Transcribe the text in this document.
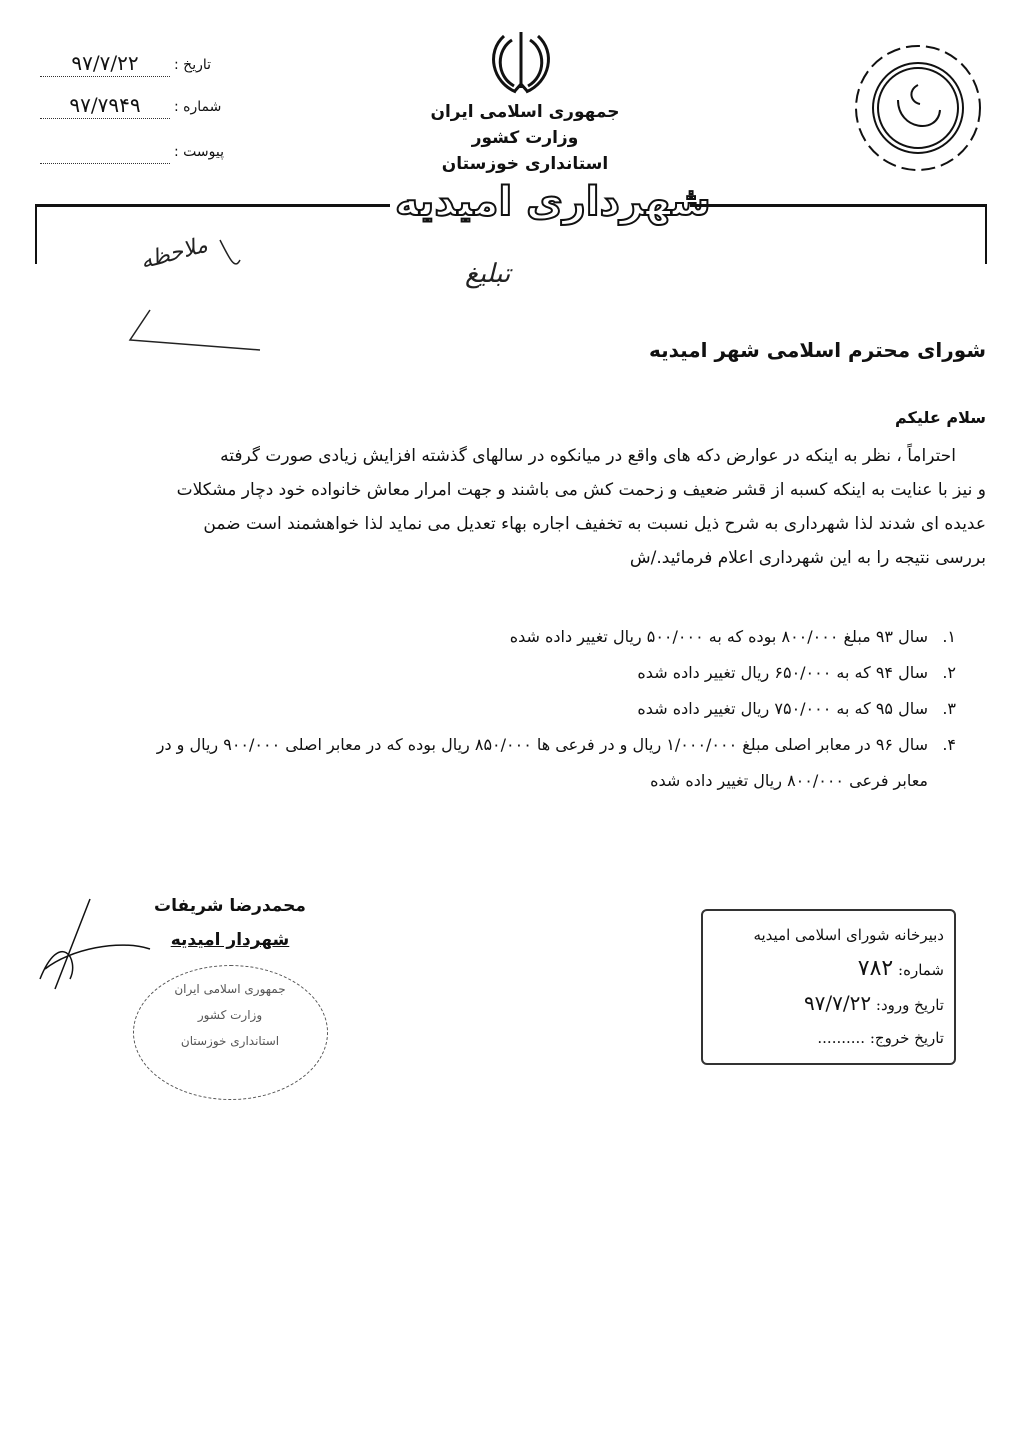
تاریخ :
۹۷/۷/۲۲
شماره :
۹۷/۷۹۴۹
پیوست :
جمهوری اسلامی ایران
وزارت کشور
استانداری خوزستان
شهرداری امیدیه
ملاحظه	تبلیغ
شورای محترم اسلامی شهر امیدیه
سلام علیکم
احتراماً ، نظر به اینکه در عوارض دکه های واقع در میانکوه در سالهای گذشته افزایش زیادی صورت گرفته
و نیز با عنایت به اینکه کسبه از قشر ضعیف و زحمت کش می باشند و جهت امرار معاش خانواده خود دچار مشکلات
عدیده ای شدند لذا شهرداری به شرح ذیل نسبت به تخفیف اجاره بهاء تعدیل می نماید لذا خواهشمند است ضمن
بررسی نتیجه را به این شهرداری اعلام فرمائید./ش
۱.سال ۹۳ مبلغ ۸۰۰/۰۰۰ بوده که به ۵۰۰/۰۰۰ ریال تغییر داده شده
۲.سال ۹۴ که به ۶۵۰/۰۰۰ ریال تغییر داده شده
۳.سال ۹۵ که به ۷۵۰/۰۰۰ ریال تغییر داده شده
۴.سال ۹۶ در معابر اصلی مبلغ ۱/۰۰۰/۰۰۰ ریال و در فرعی ها ۸۵۰/۰۰۰ ریال بوده که در معابر اصلی ۹۰۰/۰۰۰ ریال و در
معابر فرعی ۸۰۰/۰۰۰ ریال تغییر داده شده
دبیرخانه شورای اسلامی امیدیه
شماره: ۷۸۲
تاریخ ورود: ۹۷/۷/۲۲
تاریخ خروج: ..........
محمدرضا شریفات
شهردار امیدیه
جمهوری اسلامی ایران
وزارت کشور
استانداری خوزستان
